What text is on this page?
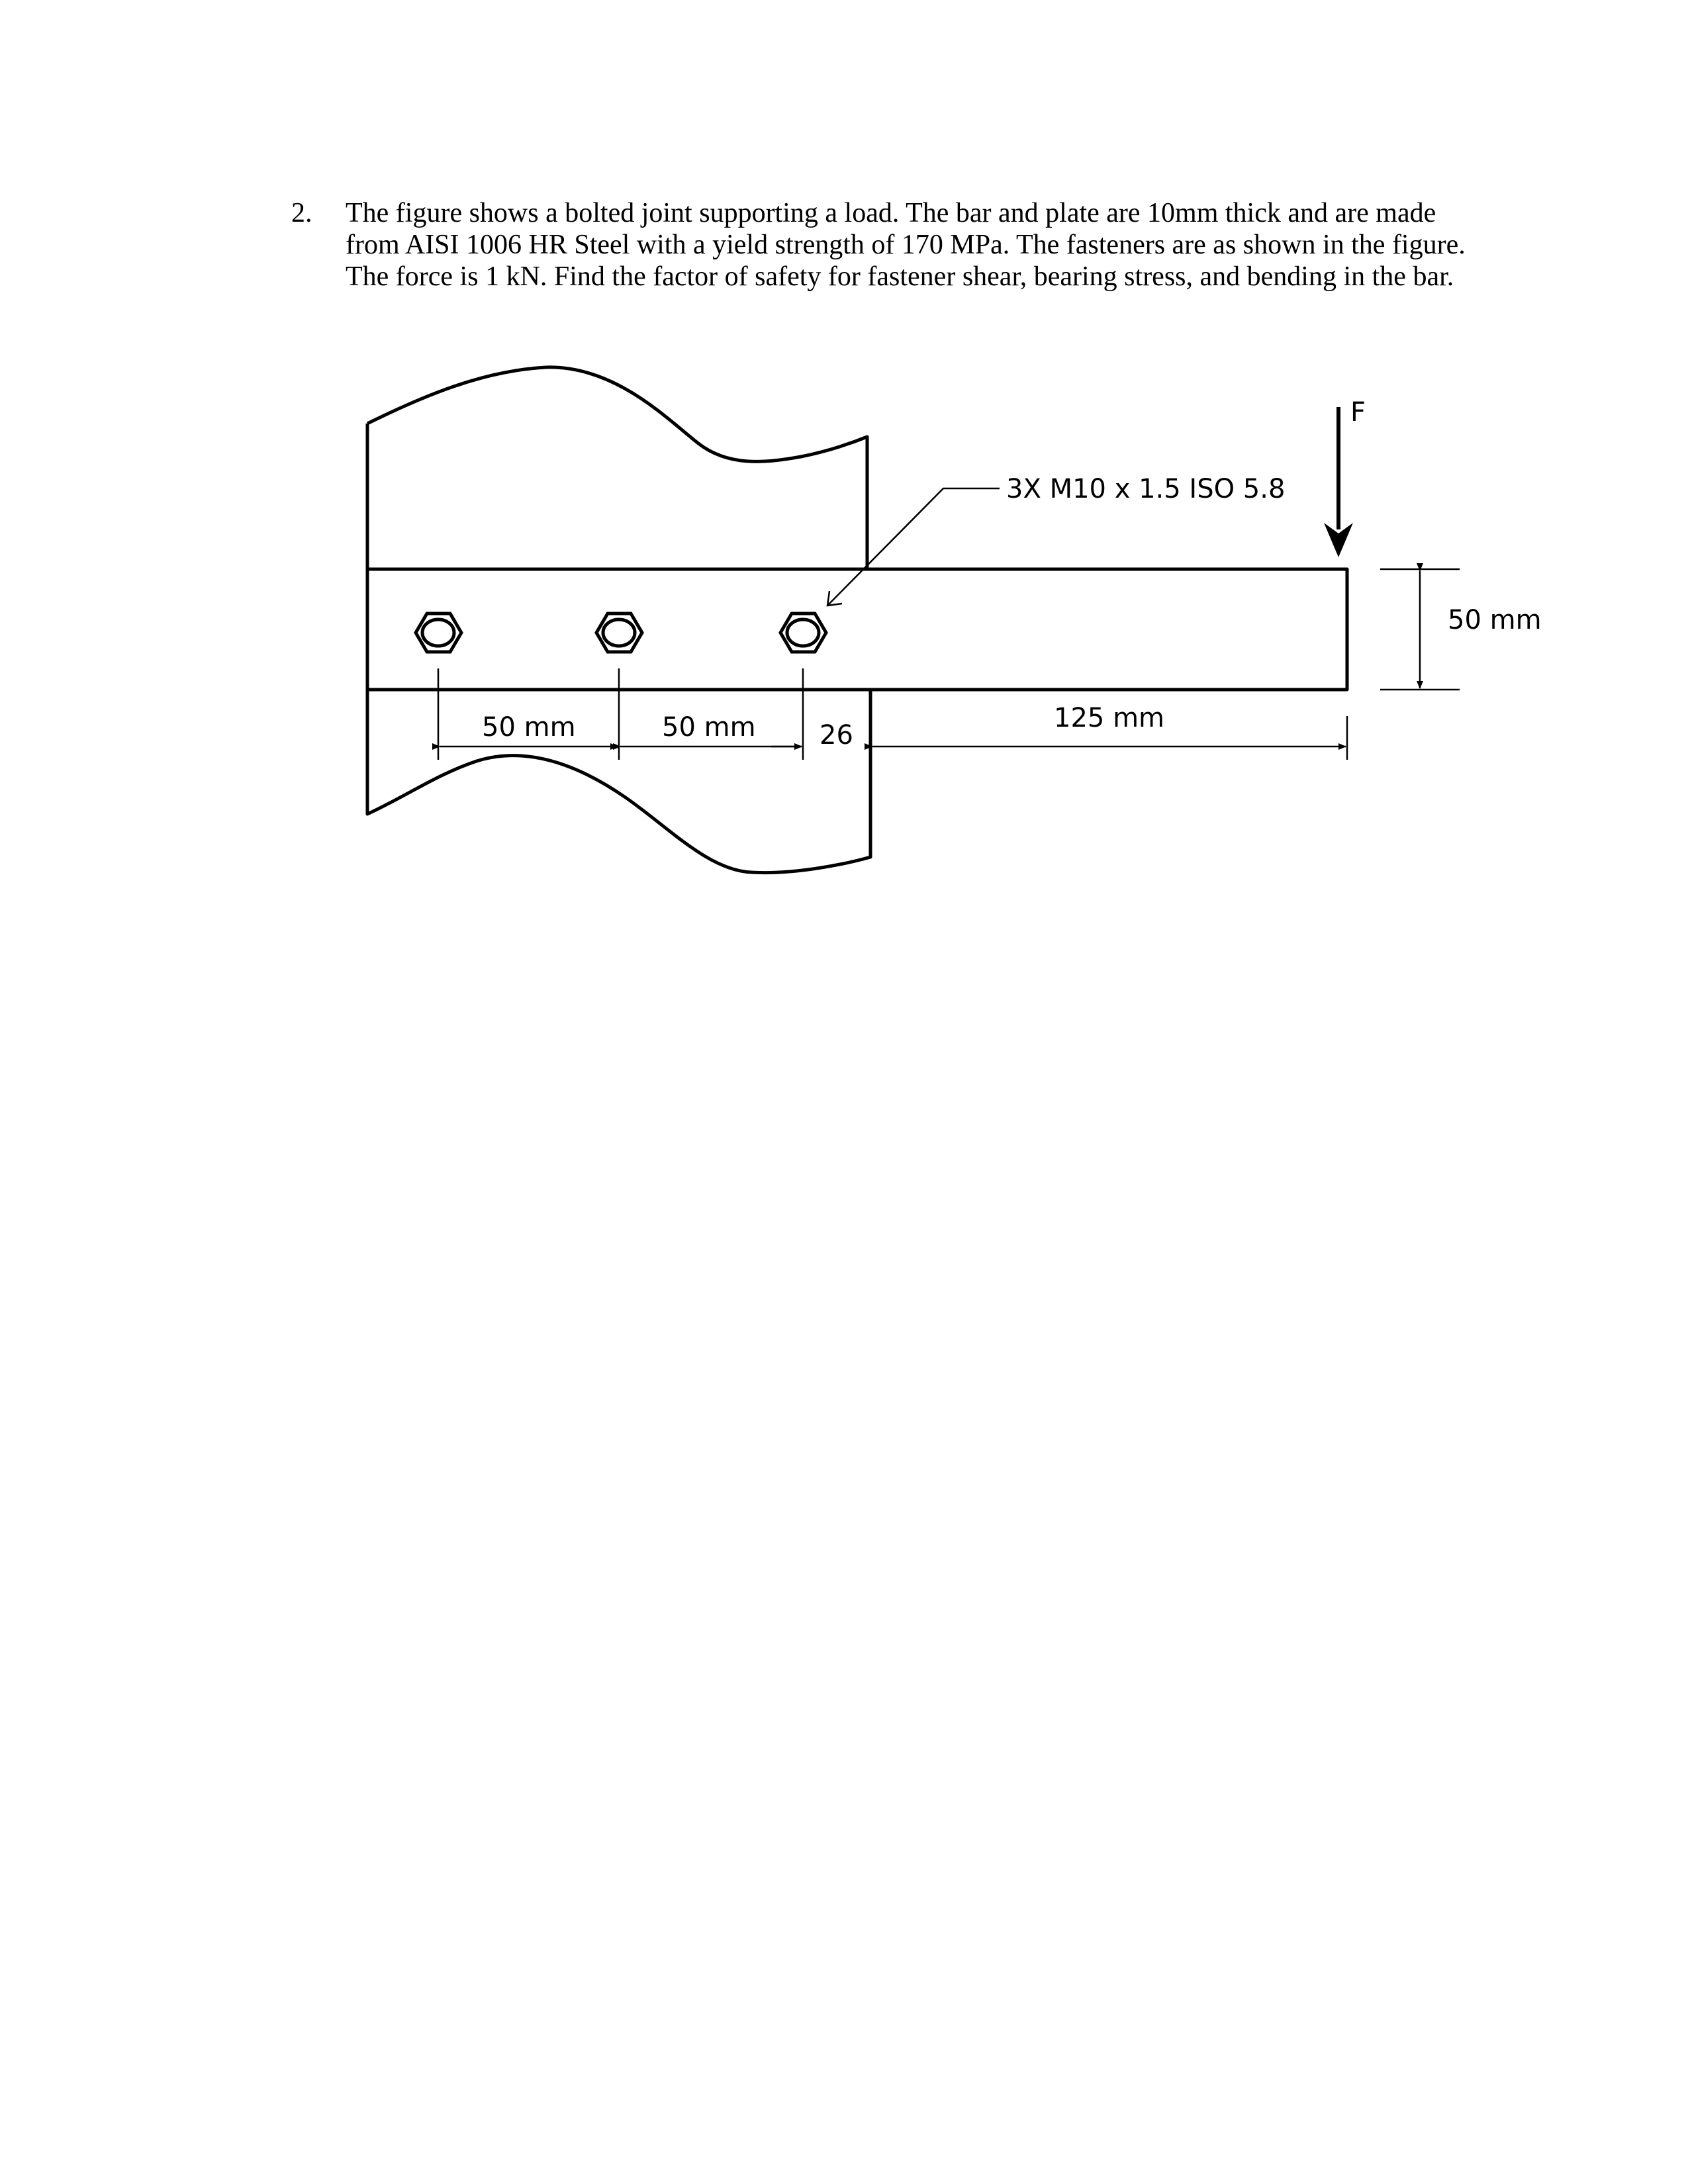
2. The figure shows a bolted joint supporting a load. The bar and plate are 10mm thick and are made from AISI 1006 HR Steel with a yield strength of 170 MPa. The fasteners are as shown in the figure. The force is 1 kN. Find the factor of safety for fastener shear, bearing stress, and bending in the bar.
3X M10 x 1.5 ISO 5.8
F
50 mm	50 mm 26
125 mm
50 mm
